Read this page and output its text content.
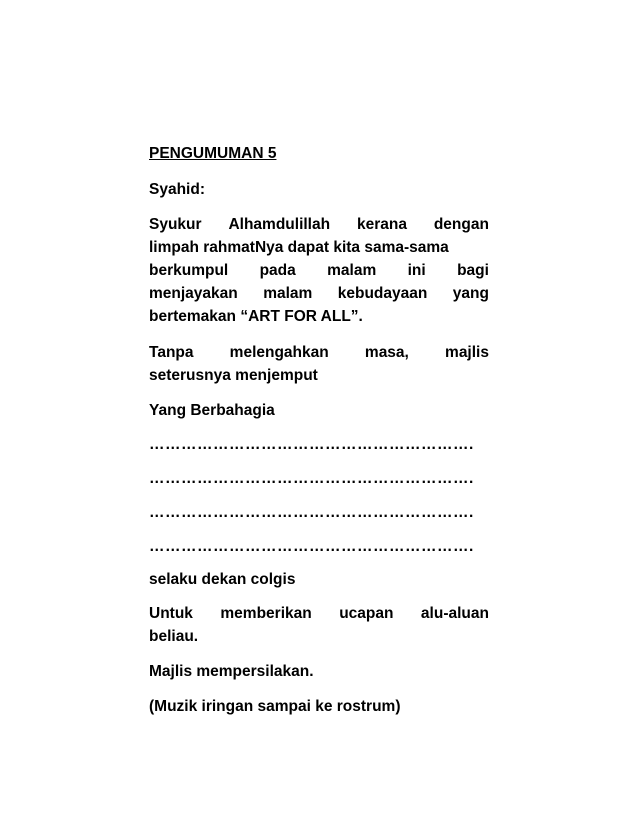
PENGUMUMAN 5
Syahid:
Syukur Alhamdulillah kerana dengan
limpah rahmatNya dapat kita sama-sama
berkumpul pada malam ini bagi
menjayakan malam kebudayaan yang
bertemakan “ART FOR ALL”.
Tanpa melengahkan masa, majlis
seterusnya menjemput
Yang Berbahagia
…………………………………………………….
…………………………………………………….
…………………………………………………….
…………………………………………………….
selaku dekan colgis
Untuk memberikan ucapan alu-aluan
beliau.
Majlis mempersilakan.
(Muzik iringan sampai ke rostrum)
